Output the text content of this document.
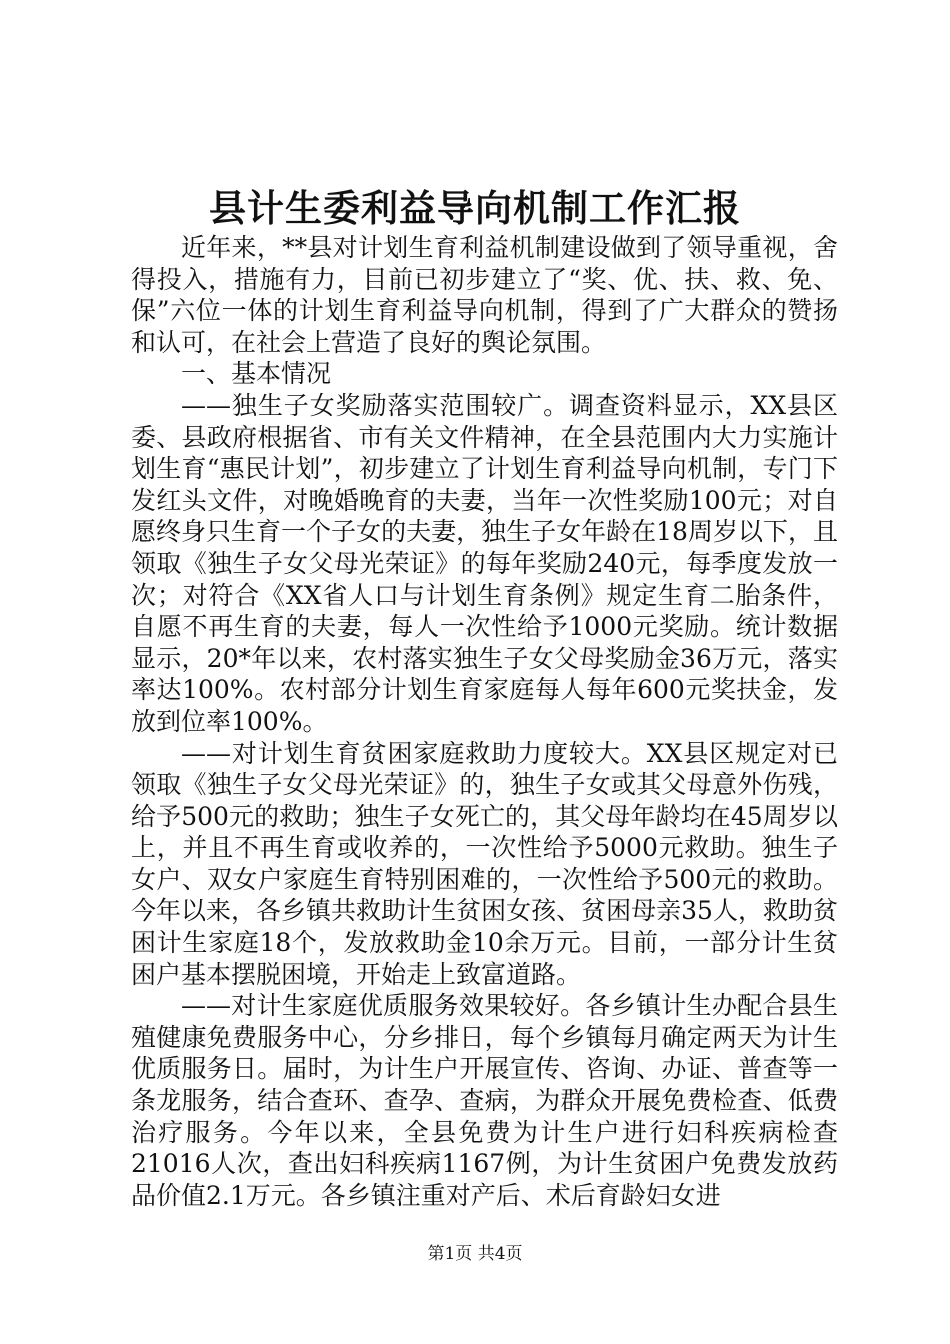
县计生委利益导向机制工作汇报

近年来，**县对计划生育利益机制建设做到了领导重视，舍得投入，措施有力，目前已初步建立了“奖、优、扶、救、免、保”六位一体的计划生育利益导向机制，得到了广大群众的赞扬和认可，在社会上营造了良好的舆论氛围。

一、基本情况

——独生子女奖励落实范围较广。调查资料显示，XX县区委、县政府根据省、市有关文件精神，在全县范围内大力实施计划生育“惠民计划”，初步建立了计划生育利益导向机制，专门下发红头文件，对晚婚晚育的夫妻，当年一次性奖励100元；对自愿终身只生育一个子女的夫妻，独生子女年龄在18周岁以下，且领取《独生子女父母光荣证》的每年奖励240元，每季度发放一次；对符合《XX省人口与计划生育条例》规定生育二胎条件，自愿不再生育的夫妻，每人一次性给予1000元奖励。统计数据显示，20*年以来，农村落实独生子女父母奖励金36万元，落实率达100%。农村部分计划生育家庭每人每年600元奖扶金，发放到位率100%。

——对计划生育贫困家庭救助力度较大。XX县区规定对已领取《独生子女父母光荣证》的，独生子女或其父母意外伤残，给予500元的救助；独生子女死亡的，其父母年龄均在45周岁以上，并且不再生育或收养的，一次性给予5000元救助。独生子女户、双女户家庭生育特别困难的，一次性给予500元的救助。今年以来，各乡镇共救助计生贫困女孩、贫困母亲35人，救助贫困计生家庭18个，发放救助金10余万元。目前，一部分计生贫困户基本摆脱困境，开始走上致富道路。

——对计生家庭优质服务效果较好。各乡镇计生办配合县生殖健康免费服务中心，分乡排日，每个乡镇每月确定两天为计生优质服务日。届时，为计生户开展宣传、咨询、办证、普查等一条龙服务，结合查环、查孕、查病，为群众开展免费检查、低费治疗服务。今年以来，全县免费为计生户进行妇科疾病检查21016人次，查出妇科疾病1167例，为计生贫困户免费发放药品价值2.1万元。各乡镇注重对产后、术后育龄妇女进

第1页 共4页
